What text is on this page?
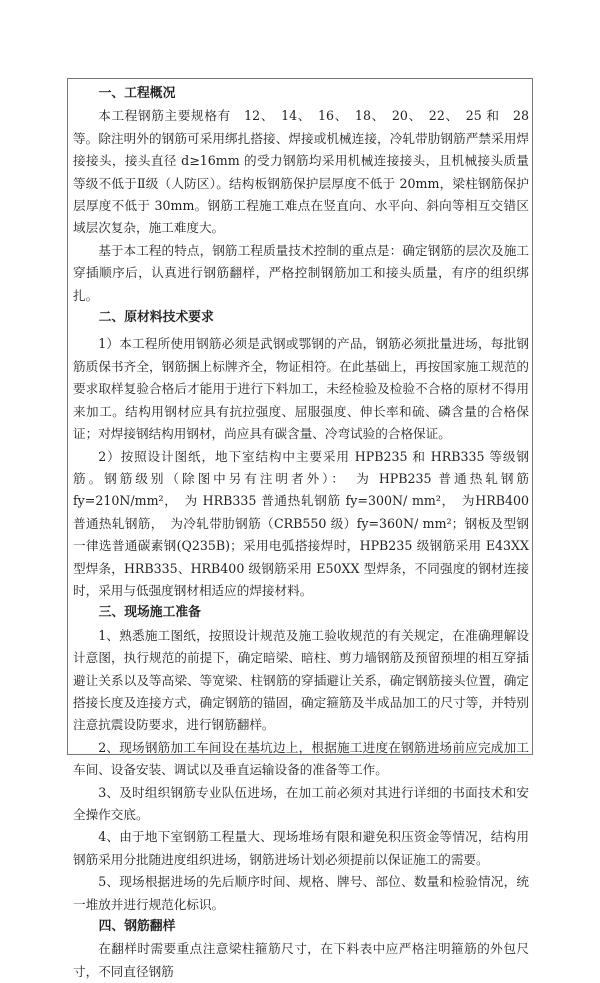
一、工程概况

本工程钢筋主要规格有　12、　14、　16、　18、　20、　22、　25 和　28 等。除注明外的钢筋可采用绑扎搭接、焊接或机械连接，冷轧带肋钢筋严禁采用焊接接头，接头直径 d≥16mm 的受力钢筋均采用机械连接接头，且机械接头质量等级不低于Ⅱ级（人防区）。结构板钢筋保护层厚度不低于 20mm，梁柱钢筋保护层厚度不低于 30mm。钢筋工程施工难点在竖直向、水平向、斜向等相互交错区域层次复杂，施工难度大。

基于本工程的特点，钢筋工程质量技术控制的重点是：确定钢筋的层次及施工穿插顺序后，认真进行钢筋翻样，严格控制钢筋加工和接头质量，有序的组织绑扎。

二、原材料技术要求

1）本工程所使用钢筋必须是武钢或鄂钢的产品，钢筋必须批量进场，每批钢筋质保书齐全，钢筋捆上标牌齐全，物证相符。在此基础上，再按国家施工规范的要求取样复验合格后才能用于进行下料加工，未经检验及检验不合格的原材不得用来加工。结构用钢材应具有抗拉强度、屈服强度、伸长率和硫、磷含量的合格保证；对焊接钢结构用钢材，尚应具有碳含量、冷弯试验的合格保证。

2）按照设计图纸，地下室结构中主要采用 HPB235 和 HRB335 等级钢筋。钢筋级别（除图中另有注明者外）：　为 HPB235 普通热轧钢筋 fy=210N/mm²，　为 HRB335 普通热轧钢筋 fy=300N/ mm²，　为HRB400 普通热轧钢筋，　为冷轧带肋钢筋（CRB550 级）fy=360N/ mm²；钢板及型钢一律选普通碳素钢(Q235B)；采用电弧搭接焊时，HPB235 级钢筋采用 E43XX 型焊条，HRB335、HRB400 级钢筋采用 E50XX 型焊条，不同强度的钢材连接时，采用与低强度钢材相适应的焊接材料。

三、现场施工准备

1、熟悉施工图纸，按照设计规范及施工验收规范的有关规定，在准确理解设计意图，执行规范的前提下，确定暗梁、暗柱、剪力墙钢筋及预留预埋的相互穿插避让关系以及等高梁、等宽梁、柱钢筋的穿插避让关系，确定钢筋接头位置，确定搭接长度及连接方式，确定钢筋的锚固，确定箍筋及半成品加工的尺寸等，并特别注意抗震设防要求，进行钢筋翻样。

2、现场钢筋加工车间设在基坑边上，根据施工进度在钢筋进场前应完成加工车间、设备安装、调试以及垂直运输设备的准备等工作。

3、及时组织钢筋专业队伍进场，在加工前必须对其进行详细的书面技术和安全操作交底。

4、由于地下室钢筋工程量大、现场堆场有限和避免积压资金等情况，结构用钢筋采用分批随进度组织进场，钢筋进场计划必须提前以保证施工的需要。

5、现场根据进场的先后顺序时间、规格、牌号、部位、数量和检验情况，统一堆放并进行规范化标识。

四、钢筋翻样

在翻样时需要重点注意梁柱箍筋尺寸，在下料表中应严格注明箍筋的外包尺寸，不同直径钢筋
